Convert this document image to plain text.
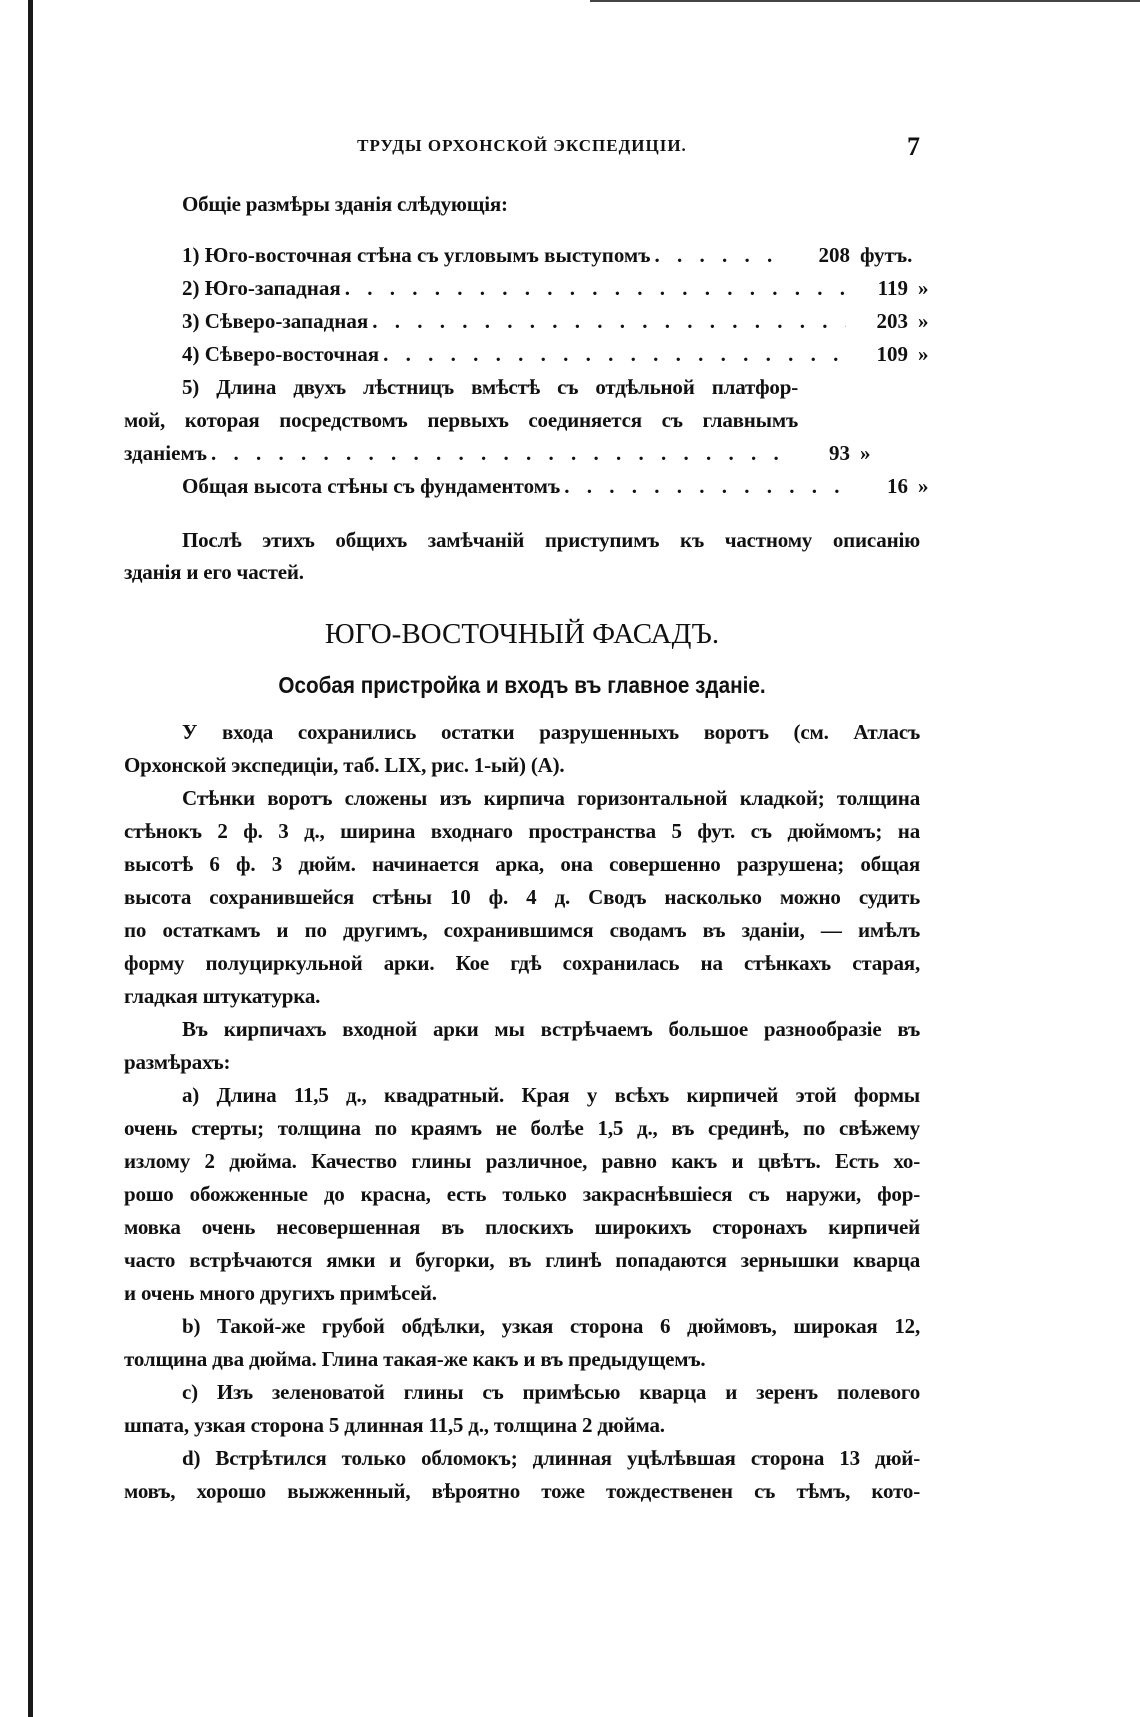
ТРУДЫ ОРХОНСКОЙ ЭКСПЕДИЦІИ.	7
Общіе размѣры зданія слѣдующія:
1) Юго-восточная стѣна съ угловымъ выступомъ . . .	208 футъ.
2) Юго-западная . . .	119 »
3) Сѣверо-западная . . .	203 »
4) Сѣверо-восточная . . .	109 »
5) Длина двухъ лѣстницъ вмѣстѣ съ отдѣльной платфор-
мой, которая посредствомъ первыхъ соединяется съ главнымъ
зданіемъ . . .	93 »
Общая высота стѣны съ фундаментомъ . . .	16 »
Послѣ этихъ общихъ замѣчаній приступимъ къ частному описанію
зданія и его частей.
ЮГО-ВОСТОЧНЫЙ ФАСАДЪ.
Особая пристройка и входъ въ главное зданіе.
У входа сохранились остатки разрушенныхъ воротъ (см. Атласъ
Орхонской экспедиціи, таб. LIX, рис. 1-ый) (A).
Стѣнки воротъ сложены изъ кирпича горизонтальной кладкой; толщина
стѣнокъ 2 ф. 3 д., ширина входнаго пространства 5 фут. съ дюймомъ; на
высотѣ 6 ф. 3 дюйм. начинается арка, она совершенно разрушена; общая
высота сохранившейся стѣны 10 ф. 4 д. Сводъ насколько можно судить
по остаткамъ и по другимъ, сохранившимся сводамъ въ зданіи, — имѣлъ
форму полуциркульной арки. Кое гдѣ сохранилась на стѣнкахъ старая,
гладкая штукатурка.
Въ кирпичахъ входной арки мы встрѣчаемъ большое разнообразіе въ
размѣрахъ:
а) Длина 11,5 д., квадратный. Края у всѣхъ кирпичей этой формы
очень стерты; толщина по краямъ не болѣе 1,5 д., въ срединѣ, по свѣжему
излому 2 дюйма. Качество глины различное, равно какъ и цвѣтъ. Есть хо-
рошо обожженные до красна, есть только закраснѣвшіеся съ наружи, фор-
мовка очень несовершенная въ плоскихъ широкихъ сторонахъ кирпичей
часто встрѣчаются ямки и бугорки, въ глинѣ попадаются зернышки кварца
и очень много другихъ примѣсей.
b) Такой-же грубой обдѣлки, узкая сторона 6 дюймовъ, широкая 12,
толщина два дюйма. Глина такая-же какъ и въ предыдущемъ.
c) Изъ зеленоватой глины съ примѣсью кварца и зеренъ полевого
шпата, узкая сторона 5 длинная 11,5 д., толщина 2 дюйма.
d) Встрѣтился только обломокъ; длинная уцѣлѣвшая сторона 13 дюй-
мовъ, хорошо выжженный, вѣроятно тоже тождественен съ тѣмъ, кото-
